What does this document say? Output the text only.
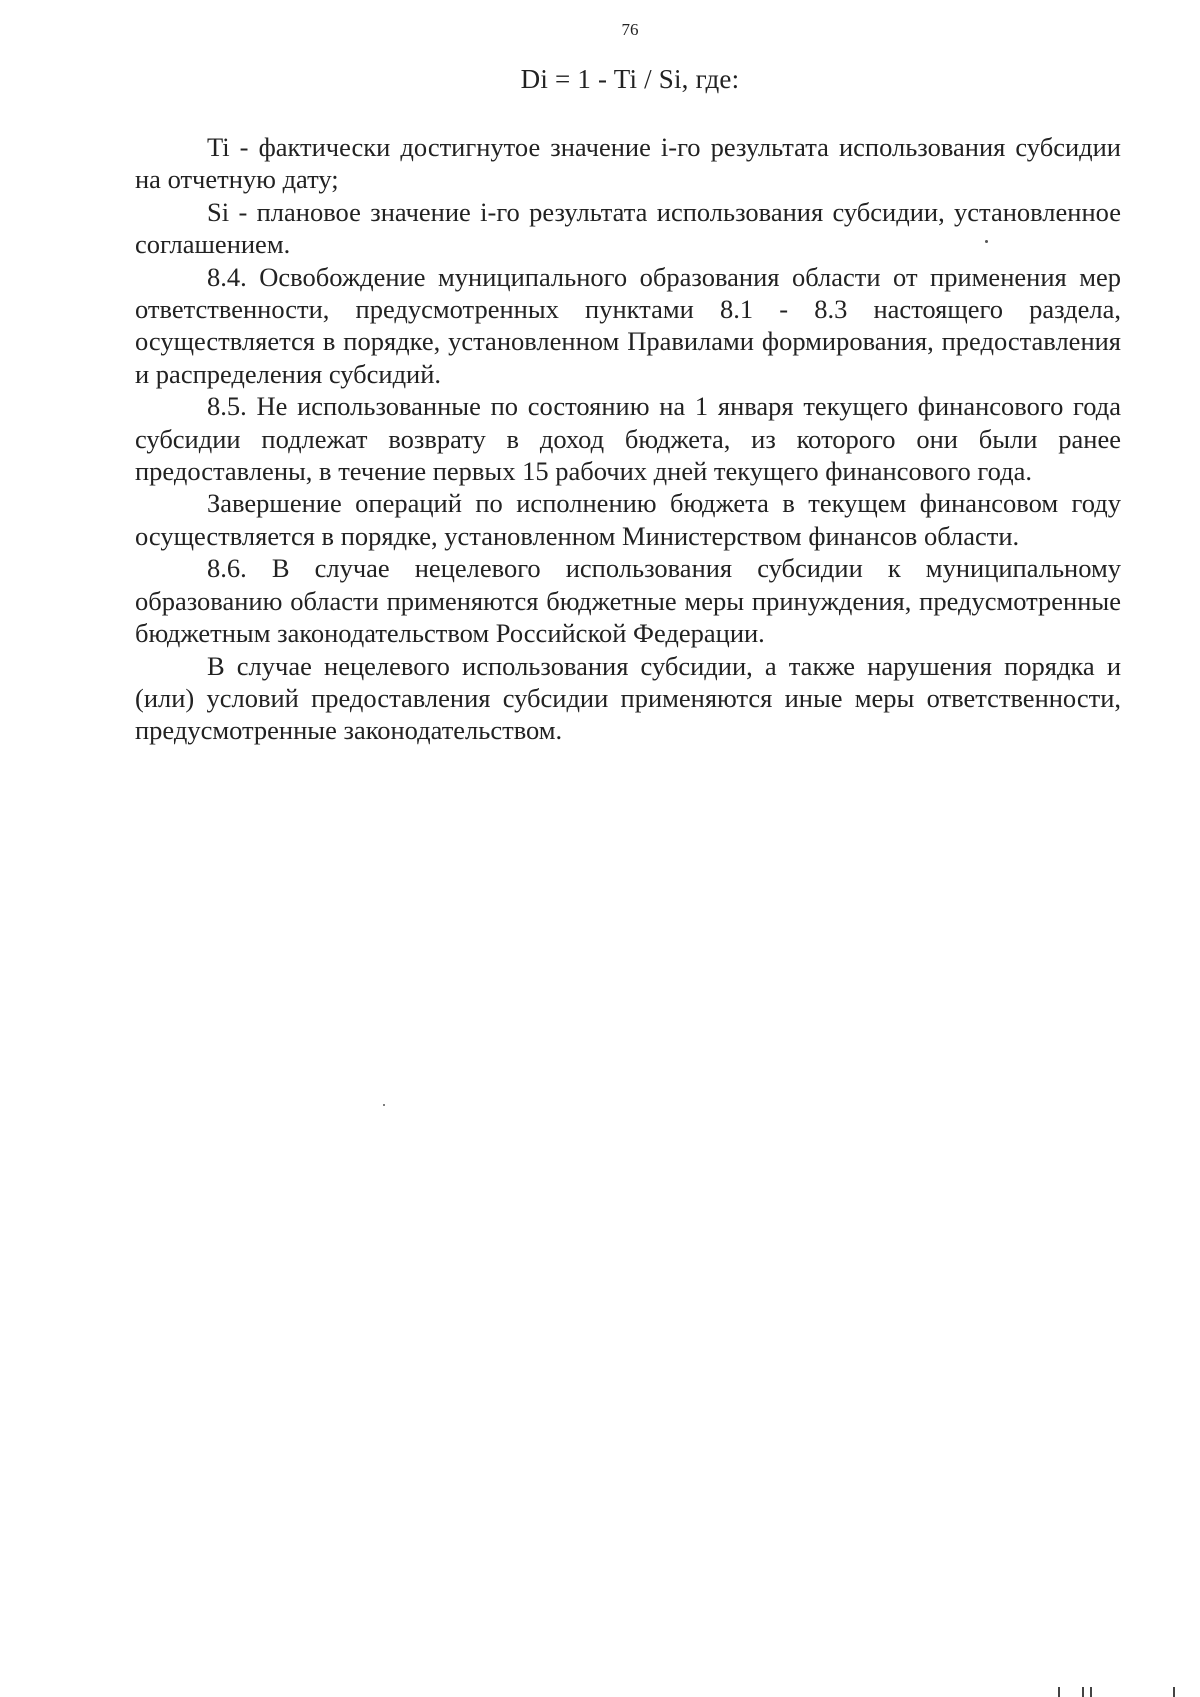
76
Di = 1 - Ti / Si, где:

Ti - фактически достигнутое значение i-го результата использования субсидии на отчетную дату;

Si - плановое значение i-го результата использования субсидии, установленное соглашением.

8.4. Освобождение муниципального образования области от применения мер ответственности, предусмотренных пунктами 8.1 - 8.3 настоящего раздела, осуществляется в порядке, установленном Правилами формирования, предоставления и распределения субсидий.

8.5. Не использованные по состоянию на 1 января текущего финансового года субсидии подлежат возврату в доход бюджета, из которого они были ранее предоставлены, в течение первых 15 рабочих дней текущего финансового года.

Завершение операций по исполнению бюджета в текущем финансовом году осуществляется в порядке, установленном Министерством финансов области.

8.6. В случае нецелевого использования субсидии к муниципальному образованию области применяются бюджетные меры принуждения, предусмотренные бюджетным законодательством Российской Федерации.

В случае нецелевого использования субсидии, а также нарушения порядка и (или) условий предоставления субсидии применяются иные меры ответственности, предусмотренные законодательством.
